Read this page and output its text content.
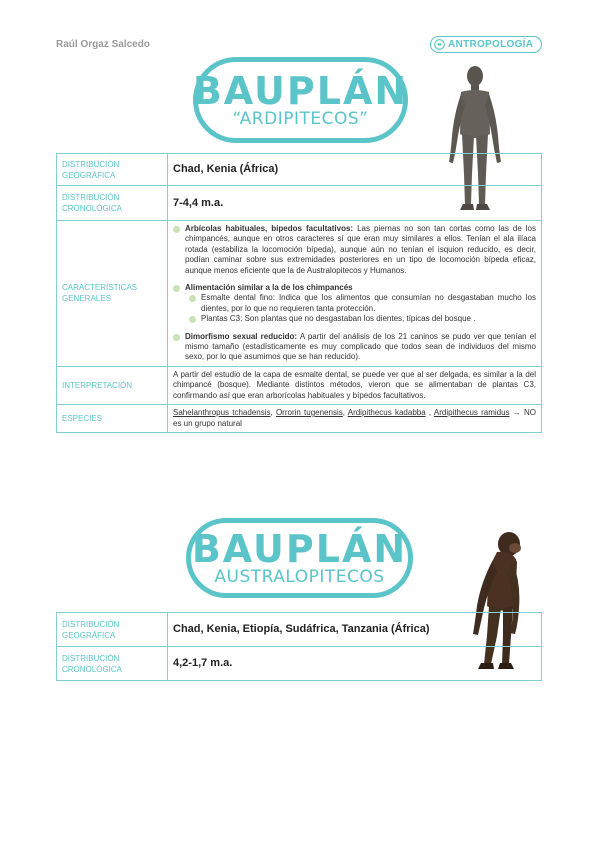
Raúl Orgaz Salcedo	ANTROPOLOGÍA
BAUPLÁN
“ARDIPITECOS”
DISTRIBUCIÓN GEOGRÁFICA	Chad, Kenia (África)
DISTRIBUCIÓN CRONOLÓGICA	7-4,4 m.a.
CARACTERÍSTICAS GENERALES	Arbícolas habituales, bípedos facultativos: Las piernas no son tan cortas como las de los chimpancés, aunque en otros caracteres sí que eran muy similares a ellos. Tenían el ala ilíaca rotada (estabiliza la locomoción bípeda), aunque aún no tenían el isquion reducido, es decir, podían caminar sobre sus extremidades posteriores en un tipo de locomoción bípeda eficaz, aunque menos eficiente que la de Australopitecos y Humanos.
Alimentación similar a la de los chimpancés
Esmalte dental fino: Indica que los alimentos que consumían no desgastaban mucho los dientes, por lo que no requieren tanta protección.
Plantas C3: Son plantas que no desgastaban los dientes, típicas del bosque .
Dimorfismo sexual reducido: A partir del análisis de los 21 caninos se pudo ver que tenían el mismo tamaño (estadísticamente es muy complicado que todos sean de individuos del mismo sexo, por lo que asumimos que se han reducido).

INTERPRETACIÓN	A partir del estudio de la capa de esmalte dental, se puede ver que al ser delgada, es similar a la del chimpancé (bosque). Mediante distintos métodos, vieron que se alimentaban de plantas C3, confirmando así que eran arborícolas habituales y bípedos facultativos.
ESPECIES	Sahelanthropus tchadensis, Orrorin tugenensis, Ardipithecus kadabba , Ardipithecus ramidus → NO es un grupo natural
BAUPLÁN
AUSTRALOPITECOS
DISTRIBUCIÓN GEOGRÁFICA	Chad, Kenia, Etiopía, Sudáfrica, Tanzania (África)
DISTRIBUCIÓN CRONOLÓGICA	4,2-1,7 m.a.
